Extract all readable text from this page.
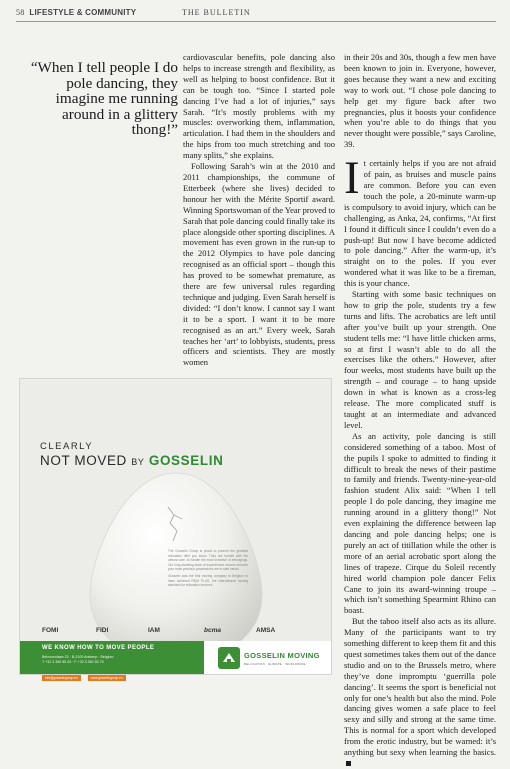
58 LIFESTYLE & COMMUNITY	THE BULLETIN
“When I tell people I do pole dancing, they imagine me running around in a glittery thong!”

cardiovascular benefits, pole dancing also helps to increase strength and flexibility, as well as helping to boost confidence. But it can be tough too. “Since I started pole dancing I’ve had a lot of injuries,” says Sarah. “It’s mostly problems with my muscles: overworking them, inflammation, articulation. I had them in the shoulders and the hips from too much stretching and too many splits,” she explains.

Following Sarah’s win at the 2010 and 2011 championships, the commune of Etterbeek (where she lives) decided to honour her with the Mérite Sportif award. Winning Sportswoman of the Year proved to Sarah that pole dancing could finally take its place alongside other sporting disciplines. A movement has even grown in the run-up to the 2012 Olympics to have pole dancing recognised as an official sport – though this has proved to be somewhat premature, as there are few universal rules regarding technique and judging. Even Sarah herself is divided: “I don’t know. I cannot say I want it to be a sport. I want it to be more recognised as an art.” Every week, Sarah teaches her ‘art’ to lobbyists, students, press officers and scientists. They are mostly women

in their 20s and 30s, though a few men have been known to join in. Everyone, however, goes because they want a new and exciting way to work out. “I chose pole dancing to help get my figure back after two pregnancies, plus it boosts your confidence when you’re able to do things that you never thought were possible,” says Caroline, 39.

It certainly helps if you are not afraid of pain, as bruises and muscle pains are common. Before you can even touch the pole, a 20-minute warm-up is compulsory to avoid injury, which can be challenging, as Anka, 24, confirms, “At first I found it difficult since I couldn’t even do a push-up! But now I have become addicted to pole dancing.” After the warm-up, it’s straight on to the poles. If you ever wondered what it was like to be a fireman, this is your chance.

Starting with some basic techniques on how to grip the pole, students try a few turns and lifts. The acrobatics are left until after you’ve built up your strength. One student tells me: “I have little chicken arms, so at first I wasn’t able to do all the exercises like the others.” However, after four weeks, most students have built up the strength – and courage – to hang upside down in what is known as a cross-leg release. The more complicated stuff is taught at an intermediate and advanced level.

As an activity, pole dancing is still considered something of a taboo. Most of the pupils I spoke to admitted to finding it difficult to break the news of their pastime to family and friends. Twenty-nine-year-old fashion student Alix said: “When I tell people I do pole dancing, they imagine me running around in a glittery thong!” Not even explaining the difference between lap dancing and pole dancing helps; one is purely an act of titillation while the other is more of an aerial acrobatic sport along the lines of trapeze. Cirque du Soleil recently hired world champion pole dancer Felix Cane to join its award-winning troupe – which isn’t something Spearmint Rhino can boast.

But the taboo itself also acts as its allure. Many of the participants want to try something different to keep them fit and this quest sometimes takes them out of the dance studio and on to the Brussels metro, where they’ve done impromptu ‘guerrilla pole dancing’. It seems the sport is beneficial not only for one’s health but also the mind. Pole dancing gives women a safe place to feel sexy and silly and strong at the same time. This is normal for a sport which developed from the erotic industry, but be warned: it’s anything but sexy when learning the basics.

CLEARLY
NOT MOVED BY GOSSELIN

The Gosselin Group is proud to present the greatest relocation offer you know. They are trusted with the utmost care, to handle the most sensitive of belongings. Our long-standing team of experienced movers ensures your most precious possessions are in safe hands.

Gosselin was the first moving company in Belgium to have achieved FAIM PLUS, the international moving standard for relocation services.

FOMI	FIDI	IAM	bcma	AMSA
WE KNOW HOW TO MOVE PEOPLE
Belcrownlaan 23 · B-2100 Antwerp · Belgium
T +32 3 360 55 00 · F +32 3 360 55 79
info@gosselingroup.eu	www.gosselingroup.eu
GOSSELIN MOVING
RELOCATION · EUROPE · WORLDWIDE
